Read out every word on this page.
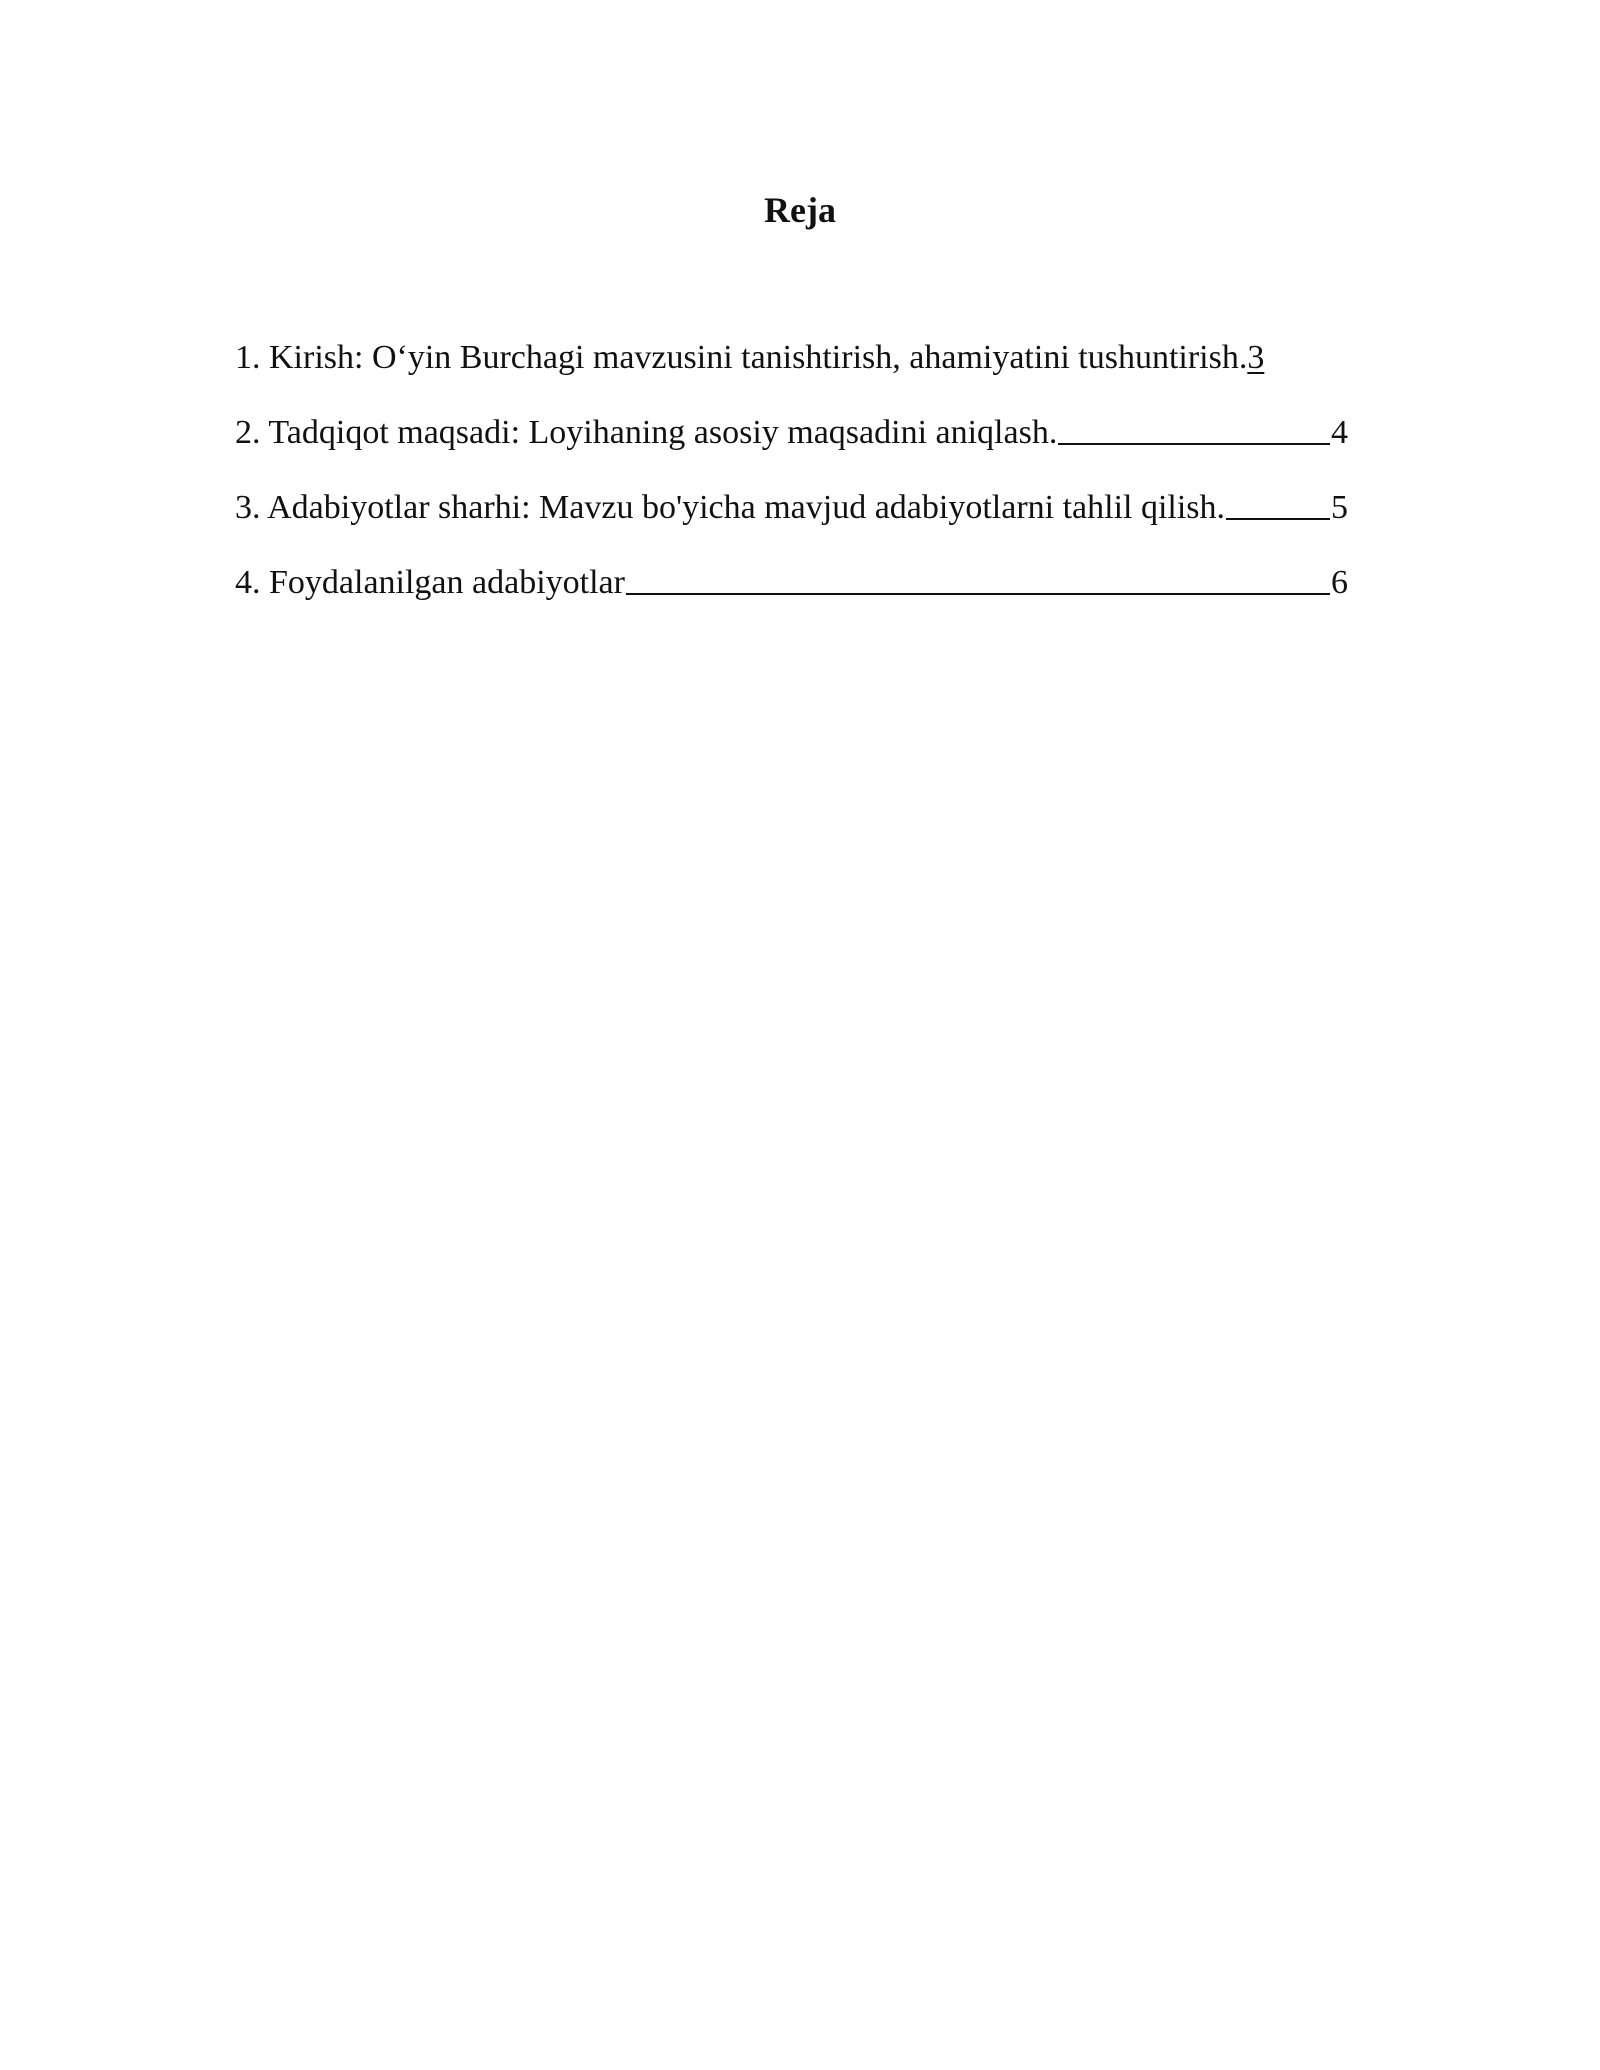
Reja
1. Kirish: O‘yin Burchagi mavzusini tanishtirish, ahamiyatini tushuntirish. 3
2. Tadqiqot maqsadi: Loyihaning asosiy maqsadini aniqlash.	4
3. Adabiyotlar sharhi: Mavzu bo'yicha mavjud adabiyotlarni tahlil qilish.	5
4. Foydalanilgan adabiyotlar	6
